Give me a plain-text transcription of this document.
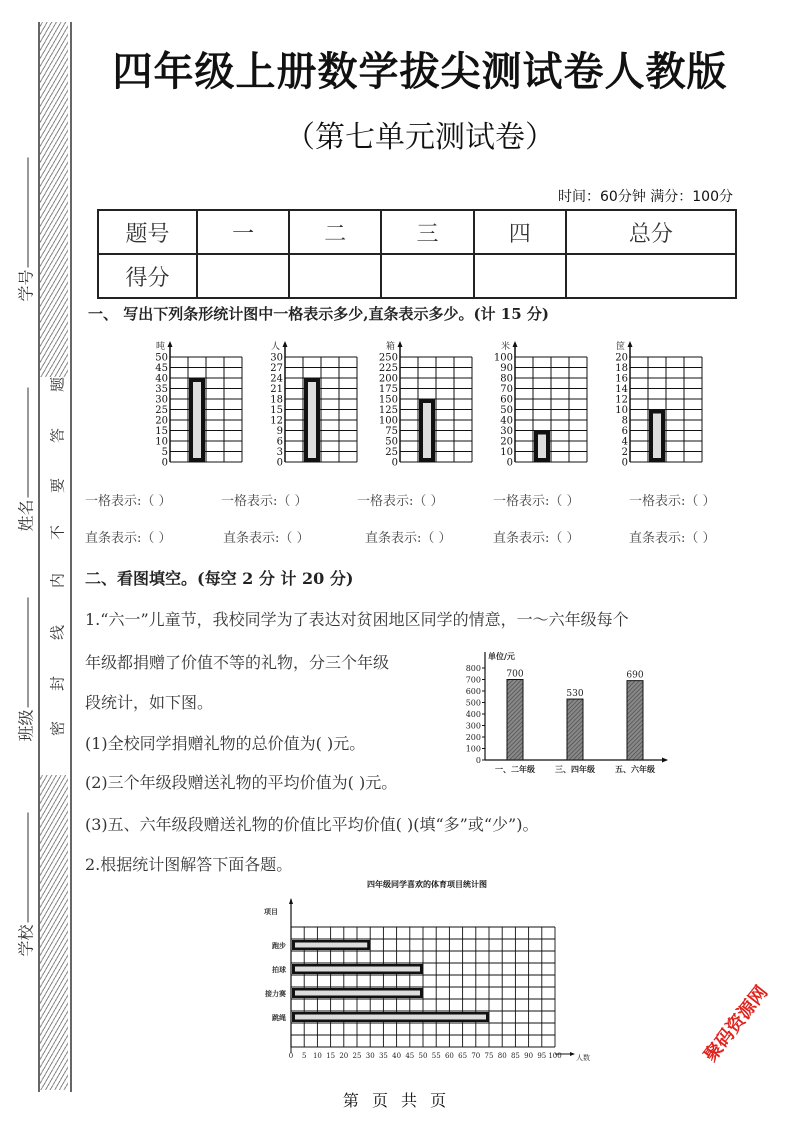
学号
姓名
班级
学校
密
封
线
内
不
要
答
题
四年级上册数学拔尖测试卷人教版
（第七单元测试卷）
时间：60分钟 满分：100分
题号	一	二	三	四	总分
得分					
一、 写出下列条形统计图中一格表示多少,直条表示多少。(计 15 分)
吨
0
5
10
15
20
25
30
35
40
45
50
人
0
3
6
9
12
15
18
21
24
27
30
箱
0
25
50
75
100
125
150
175
200
225
250
米
0
10
20
30
40
50
60
70
80
90
100
筐
0
2
4
6
8
10
12
14
16
18
20
一格表示:（ ）	一格表示:（ ）	一格表示:（ ）	一格表示:（ ）	一格表示:（ ）
直条表示:（ ）	直条表示:（ ）	直条表示:（ ）	直条表示:（ ）	直条表示:（ ）
二、看图填空。(每空 2 分 计 20 分)
1.“六一”儿童节，我校同学为了表达对贫困地区同学的情意，一～六年级每个
年级都捐赠了价值不等的礼物，分三个年级
段统计，如下图。
(1)全校同学捐赠礼物的总价值为( )元。
(2)三个年级段赠送礼物的平均价值为( )元。
(3)五、六年级段赠送礼物的价值比平均价值( )(填“多”或“少”)。
2.根据统计图解答下面各题。
单位/元
0
100
200
300
400
500
600
700
800
700
一、二年级
530
三、四年级
690
五、六年级
四年级同学喜欢的体育项目统计图
项目
0 5 10 15 20 25 30 35 40 45 50 55 60 65 70 75 80 85 90 95 100 人数
跑步
拍球
接力赛
跳绳	聚码资源网
第 页 共 页
